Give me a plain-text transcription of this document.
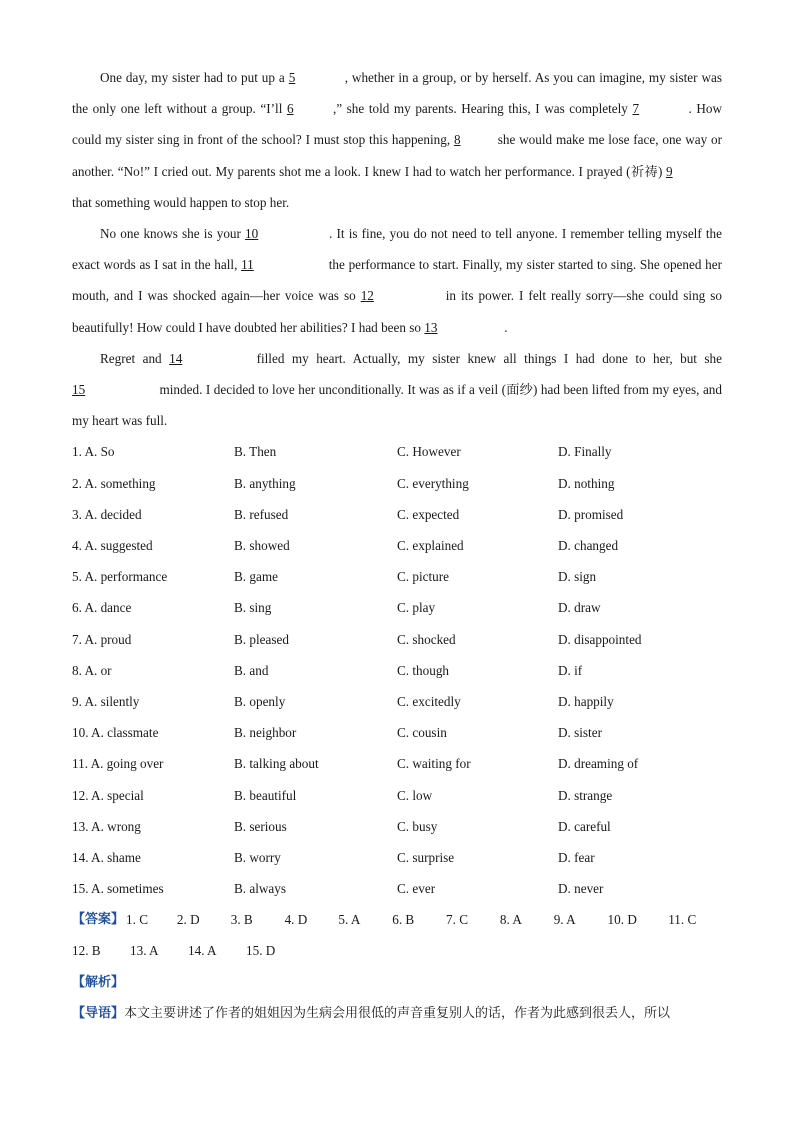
One day, my sister had to put up a 5	, whether in a group, or by herself. As you can imagine, my sister was the only one left without a group. “I’ll 6	,” she told my parents. Hearing this, I was completely 7	. How could my sister sing in front of the school? I must stop this happening, 8	she would make me lose face, one way or another. “No!” I cried out. My parents shot me a look. I knew I had to watch her performance. I prayed (祈祷) 9 that something would happen to stop her.

No one knows she is your 10	. It is fine, you do not need to tell anyone. I remember telling myself the exact words as I sat in the hall, 11	the performance to start. Finally, my sister started to sing. She opened her mouth, and I was shocked again—her voice was so 12	in its power. I felt really sorry—she could sing so beautifully! How could I have doubted her abilities? I had been so 13	.

Regret and 14	filled my heart. Actually, my sister knew all things I had done to her, but she 15	minded. I decided to love her unconditionally. It was as if a veil (面纱) had been lifted from my eyes, and my heart was full.

1. A. So	B. Then	C. However	D. Finally
2. A. something	B. anything	C. everything	D. nothing
3. A. decided	B. refused	C. expected	D. promised
4. A. suggested	B. showed	C. explained	D. changed
5. A. performance	B. game	C. picture	D. sign
6. A. dance	B. sing	C. play	D. draw
7. A. proud	B. pleased	C. shocked	D. disappointed
8. A. or	B. and	C. though	D. if
9. A. silently	B. openly	C. excitedly	D. happily
10. A. classmate	B. neighbor	C. cousin	D. sister
11. A. going over	B. talking about	C. waiting for	D. dreaming of
12. A. special	B. beautiful	C. low	D. strange
13. A. wrong	B. serious	C. busy	D. careful
14. A. shame	B. worry	C. surprise	D. fear
15. A. sometimes	B. always	C. ever	D. never
【答案】 1. C	2. D	3. B	4. D	5. A	6. B	7. C	8. A	9. A	10. D	11. C
12. B	13. A	14. A	15. D
【解析】
【导语】本文主要讲述了作者的姐姐因为生病会用很低的声音重复别人的话，作者为此感到很丢人，所以
